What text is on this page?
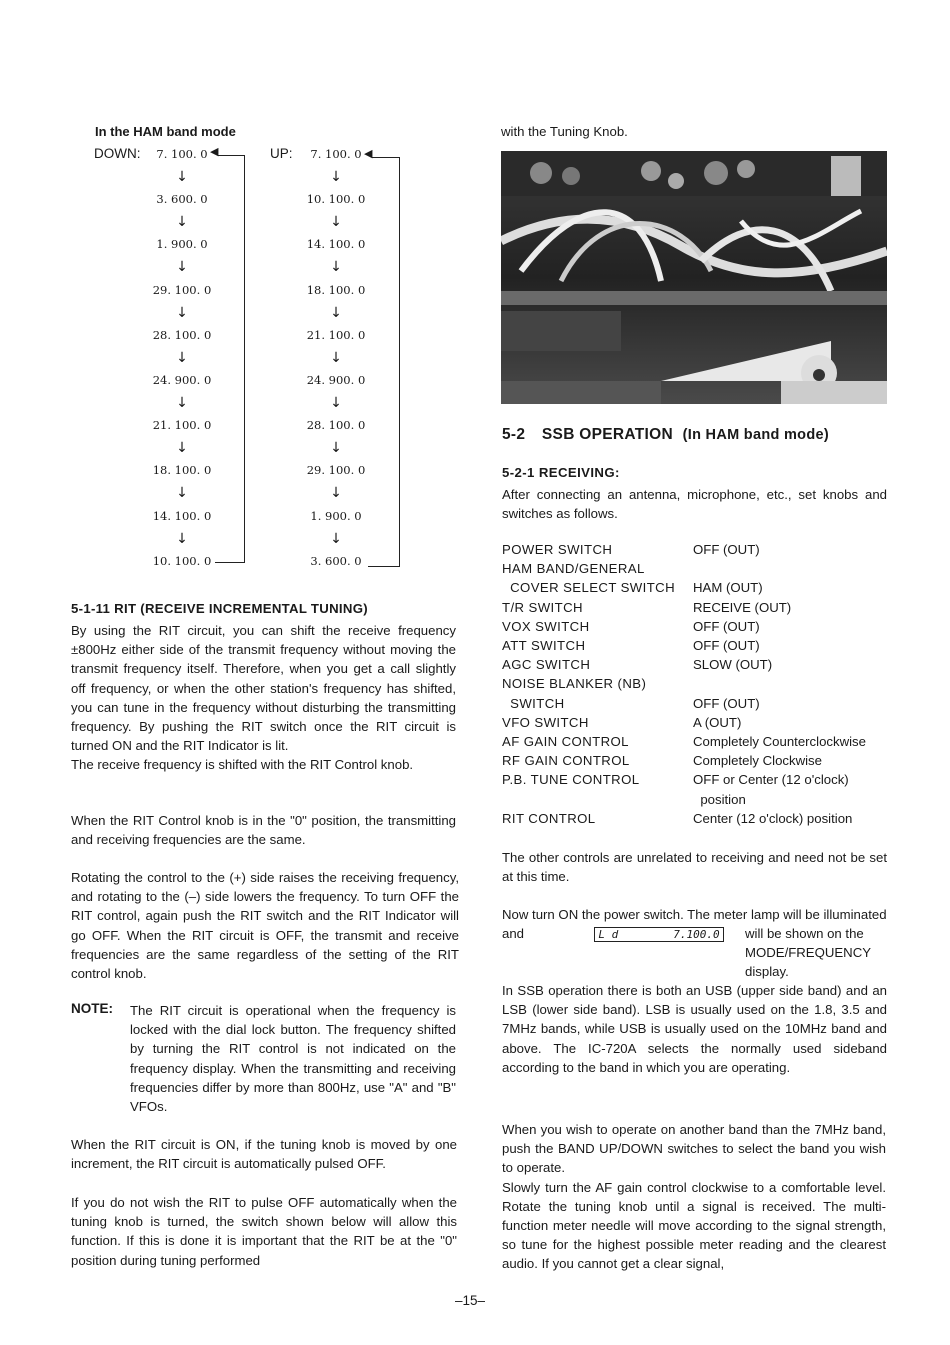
In the HAM band mode
DOWN:	UP:
◀	◀
5-1-11 RIT (RECEIVE INCREMENTAL TUNING)

By using the RIT circuit, you can shift the receive frequency ±800Hz either side of the transmit frequency without moving the transmit frequency itself. Therefore, when you get a call slightly off frequency, or when the other station's frequency has shifted, you can tune in the frequency without disturbing the transmitting frequency. By pushing the RIT switch once the RIT circuit is turned ON and the RIT Indicator is lit.

The receive frequency is shifted with the RIT Control knob.

When the RIT Control knob is in the "0" position, the transmitting and receiving frequencies are the same.

Rotating the control to the (+) side raises the receiving frequency, and rotating to the (–) side lowers the frequency. To turn OFF the RIT control, again push the RIT switch and the RIT Indicator will go OFF. When the RIT circuit is OFF, the transmit and receive frequencies are the same regardless of the setting of the RIT control knob.

NOTE: The RIT circuit is operational when the frequency is locked with the dial lock button. The frequency shifted by turning the RIT control is not indicated on the frequency display. When the transmitting and receiving frequencies differ by more than 800Hz, use "A" and "B" VFOs.

When the RIT circuit is ON, if the tuning knob is moved by one increment, the RIT circuit is automatically pulsed OFF.

If you do not wish the RIT to pulse OFF automatically when the tuning knob is turned, the switch shown below will allow this function. If this is done it is important that the RIT be at the "0" position during tuning performed

with the Tuning Knob.
5-2 SSB OPERATION (In HAM band mode)
5-2-1 RECEIVING:

After connecting an antenna, microphone, etc., set knobs and switches as follows.

The other controls are unrelated to receiving and need not be set at this time.

Now turn ON the power switch. The meter lamp will be illuminated and	L d	7.100.0	will be shown on the MODE/FREQUENCY display.

In SSB operation there is both an USB (upper side band) and an LSB (lower side band). LSB is usually used on the 1.8, 3.5 and 7MHz bands, while USB is usually used on the 10MHz band and above. The IC-720A selects the normally used sideband according to the band in which you are operating.

When you wish to operate on another band than the 7MHz band, push the BAND UP/DOWN switches to select the band you wish to operate.

Slowly turn the AF gain control clockwise to a comfortable level. Rotate the tuning knob until a signal is received. The multi-function meter needle will move according to the signal strength, so tune for the highest possible meter reading and the clearest audio. If you cannot get a clear signal,

–15–
7. 100. 0
↓
3. 600. 0
↓
1. 900. 0
↓
29. 100. 0
↓
28. 100. 0
↓
24. 900. 0
↓
21. 100. 0
↓
18. 100. 0
↓
14. 100. 0
↓
10. 100. 0
7. 100. 0
↓
10. 100. 0
↓
14. 100. 0
↓
18. 100. 0
↓
21. 100. 0
↓
24. 900. 0
↓
28. 100. 0
↓
29. 100. 0
↓
1. 900. 0
↓
3. 600. 0
POWER SWITCH	OFF (OUT)
HAM BAND/GENERAL
COVER SELECT SWITCH HAM (OUT)
T/R SWITCH	RECEIVE (OUT)
VOX SWITCH	OFF (OUT)
ATT SWITCH	OFF (OUT)
AGC SWITCH	SLOW (OUT)
NOISE BLANKER (NB)
SWITCH	OFF (OUT)
VFO SWITCH	A (OUT)
AF GAIN CONTROL	Completely Counterclockwise
RF GAIN CONTROL	Completely Clockwise
P.B. TUNE CONTROL	OFF or Center (12 o'clock)
position
RIT CONTROL	Center (12 o'clock) position
